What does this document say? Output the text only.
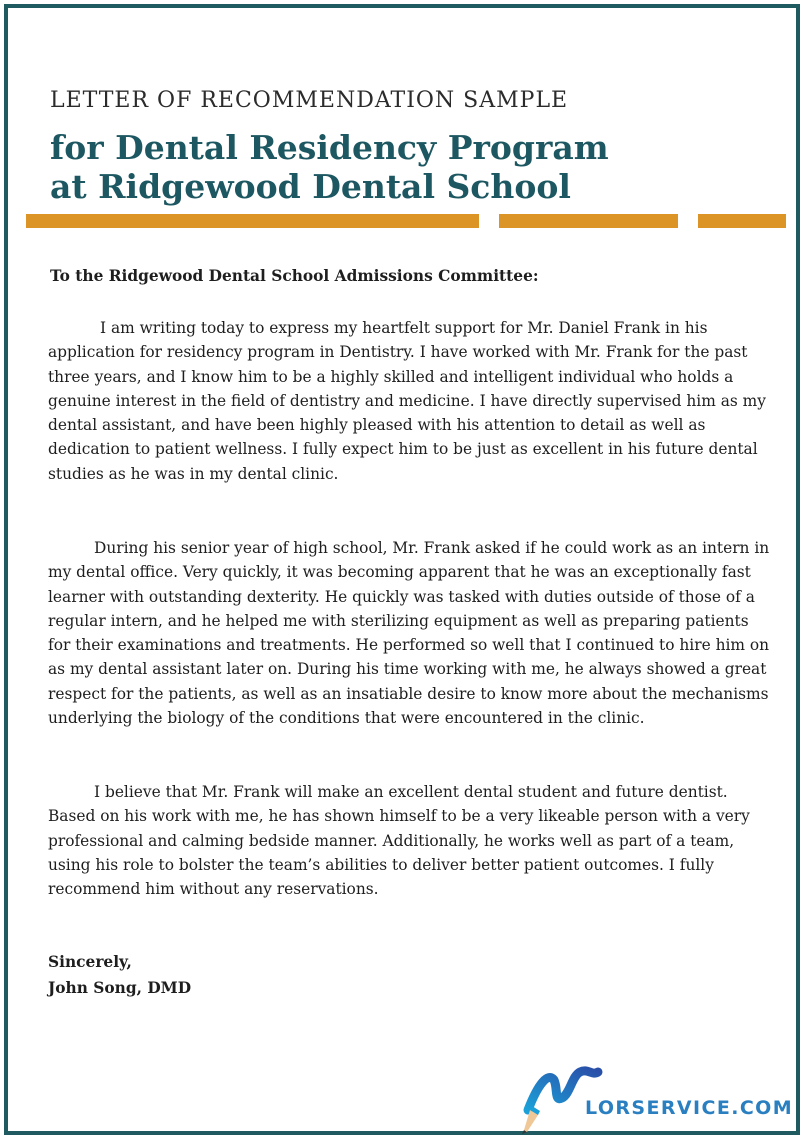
LETTER OF RECOMMENDATION SAMPLE
for Dental Residency Program
at Ridgewood Dental School
To the Ridgewood Dental School Admissions Committee:

I am writing today to express my heartfelt support for Mr. Daniel Frank in his application for residency program in Dentistry. I have worked with Mr. Frank for the past three years, and I know him to be a highly skilled and intelligent individual who holds a genuine interest in the field of dentistry and medicine. I have directly supervised him as my dental assistant, and have been highly pleased with his attention to detail as well as dedication to patient wellness. I fully expect him to be just as excellent in his future dental studies as he was in my dental clinic.

During his senior year of high school, Mr. Frank asked if he could work as an intern in my dental office. Very quickly, it was becoming apparent that he was an exceptionally fast learner with outstanding dexterity. He quickly was tasked with duties outside of those of a regular intern, and he helped me with sterilizing equipment as well as preparing patients for their examinations and treatments. He performed so well that I continued to hire him on as my dental assistant later on. During his time working with me, he always showed a great respect for the patients, as well as an insatiable desire to know more about the mechanisms underlying the biology of the conditions that were encountered in the clinic.

I believe that Mr. Frank will make an excellent dental student and future dentist. Based on his work with me, he has shown himself to be a very likeable person with a very professional and calming bedside manner. Additionally, he works well as part of a team, using his role to bolster the team’s abilities to deliver better patient outcomes. I fully recommend him without any reservations.

Sincerely,
John Song, DMD
LORSERVICE.COM
